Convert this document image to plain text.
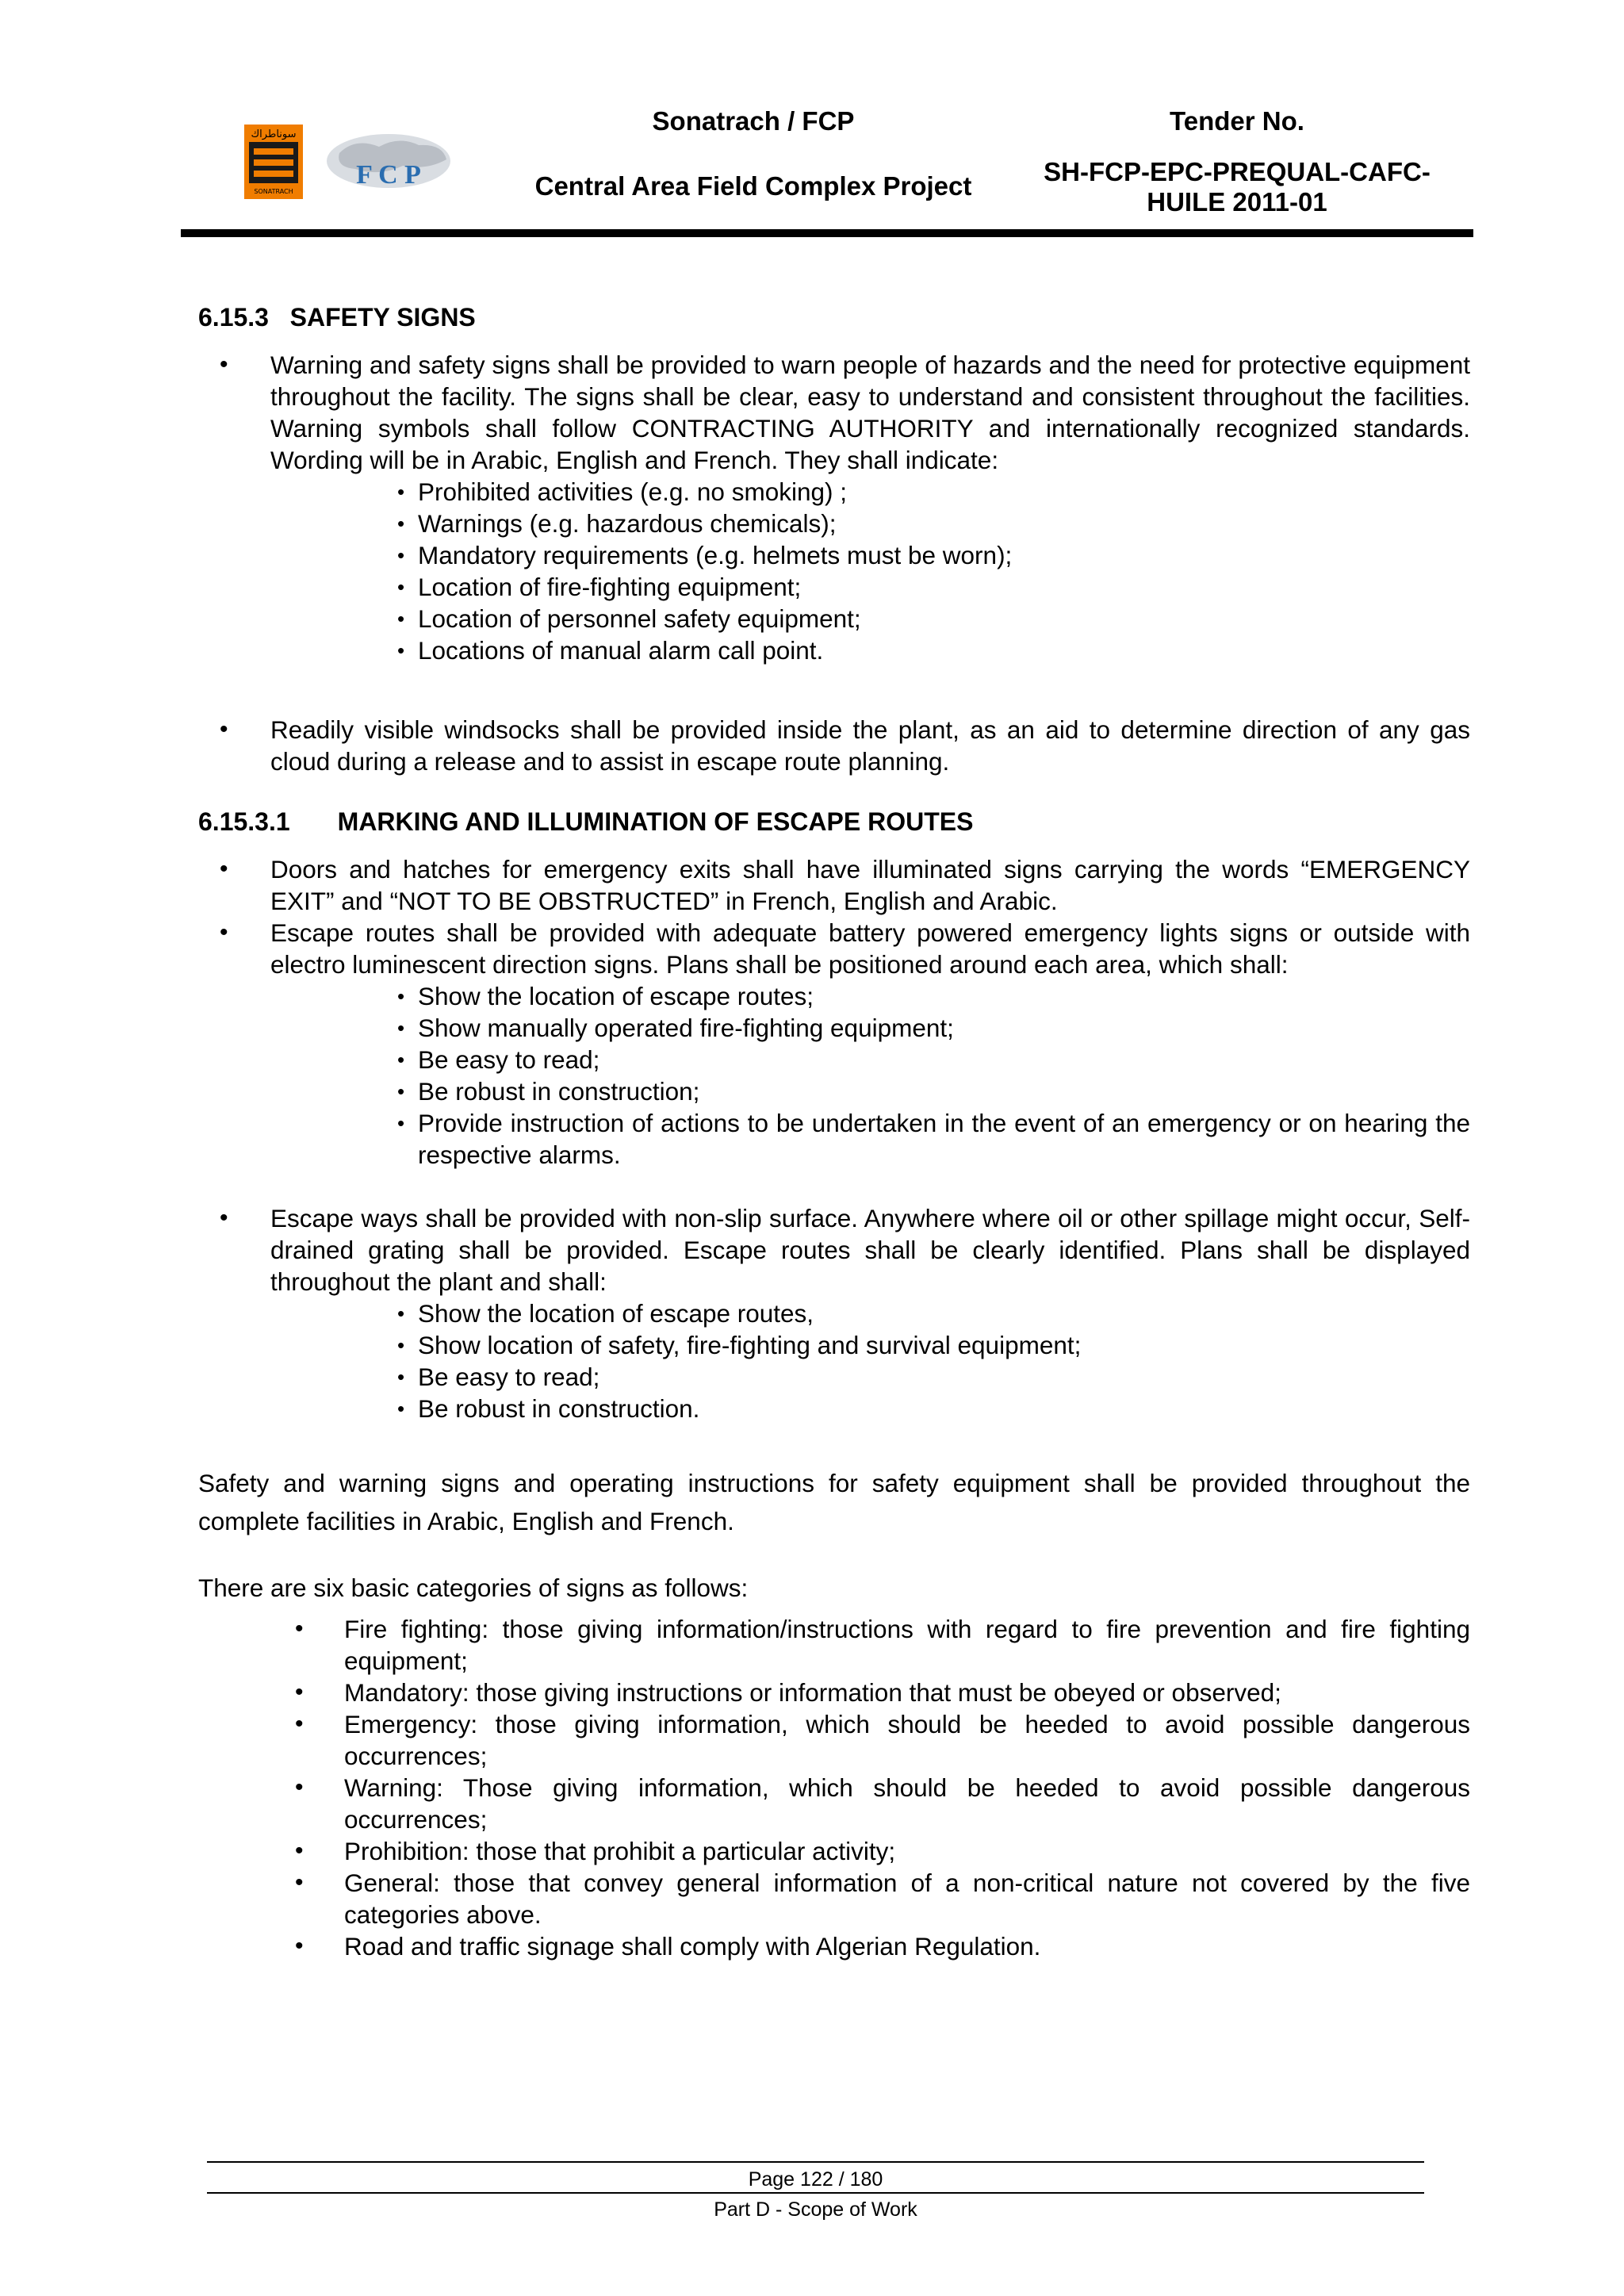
سوناطراك
SONATRACH
F C P
Sonatrach / FCP
Central Area Field Complex Project
Tender No.
SH-FCP-EPC-PREQUAL-CAFC-
HUILE 2011-01
6.15.3 SAFETY SIGNS
• Warning and safety signs shall be provided to warn people of hazards and the need for protective equipment throughout the facility. The signs shall be clear, easy to understand and consistent throughout the facilities. Warning symbols shall follow CONTRACTING AUTHORITY and internationally recognized standards. Wording will be in Arabic, English and French. They shall indicate:
• Prohibited activities (e.g. no smoking) ;
• Warnings (e.g. hazardous chemicals);
• Mandatory requirements (e.g. helmets must be worn);
• Location of fire-fighting equipment;
• Location of personnel safety equipment;
• Locations of manual alarm call point.
• Readily visible windsocks shall be provided inside the plant, as an aid to determine direction of any gas cloud during a release and to assist in escape route planning.
6.15.3.1 MARKING AND ILLUMINATION OF ESCAPE ROUTES
• Doors and hatches for emergency exits shall have illuminated signs carrying the words “EMERGENCY EXIT” and “NOT TO BE OBSTRUCTED” in French, English and Arabic.
• Escape routes shall be provided with adequate battery powered emergency lights signs or outside with electro luminescent direction signs. Plans shall be positioned around each area, which shall:
• Show the location of escape routes;
• Show manually operated fire-fighting equipment;
• Be easy to read;
• Be robust in construction;
• Provide instruction of actions to be undertaken in the event of an emergency or on hearing the respective alarms.
• Escape ways shall be provided with non-slip surface. Anywhere where oil or other spillage might occur, Self-drained grating shall be provided. Escape routes shall be clearly identified. Plans shall be displayed throughout the plant and shall:
• Show the location of escape routes,
• Show location of safety, fire-fighting and survival equipment;
• Be easy to read;
• Be robust in construction.

Safety and warning signs and operating instructions for safety equipment shall be provided throughout the complete facilities in Arabic, English and French.

There are six basic categories of signs as follows:

• Fire fighting: those giving information/instructions with regard to fire prevention and fire fighting equipment;
• Mandatory: those giving instructions or information that must be obeyed or observed;
• Emergency: those giving information, which should be heeded to avoid possible dangerous occurrences;
• Warning: Those giving information, which should be heeded to avoid possible dangerous occurrences;
• Prohibition: those that prohibit a particular activity;
• General: those that convey general information of a non-critical nature not covered by the five categories above.
• Road and traffic signage shall comply with Algerian Regulation.
Page 122 / 180
Part D - Scope of Work
